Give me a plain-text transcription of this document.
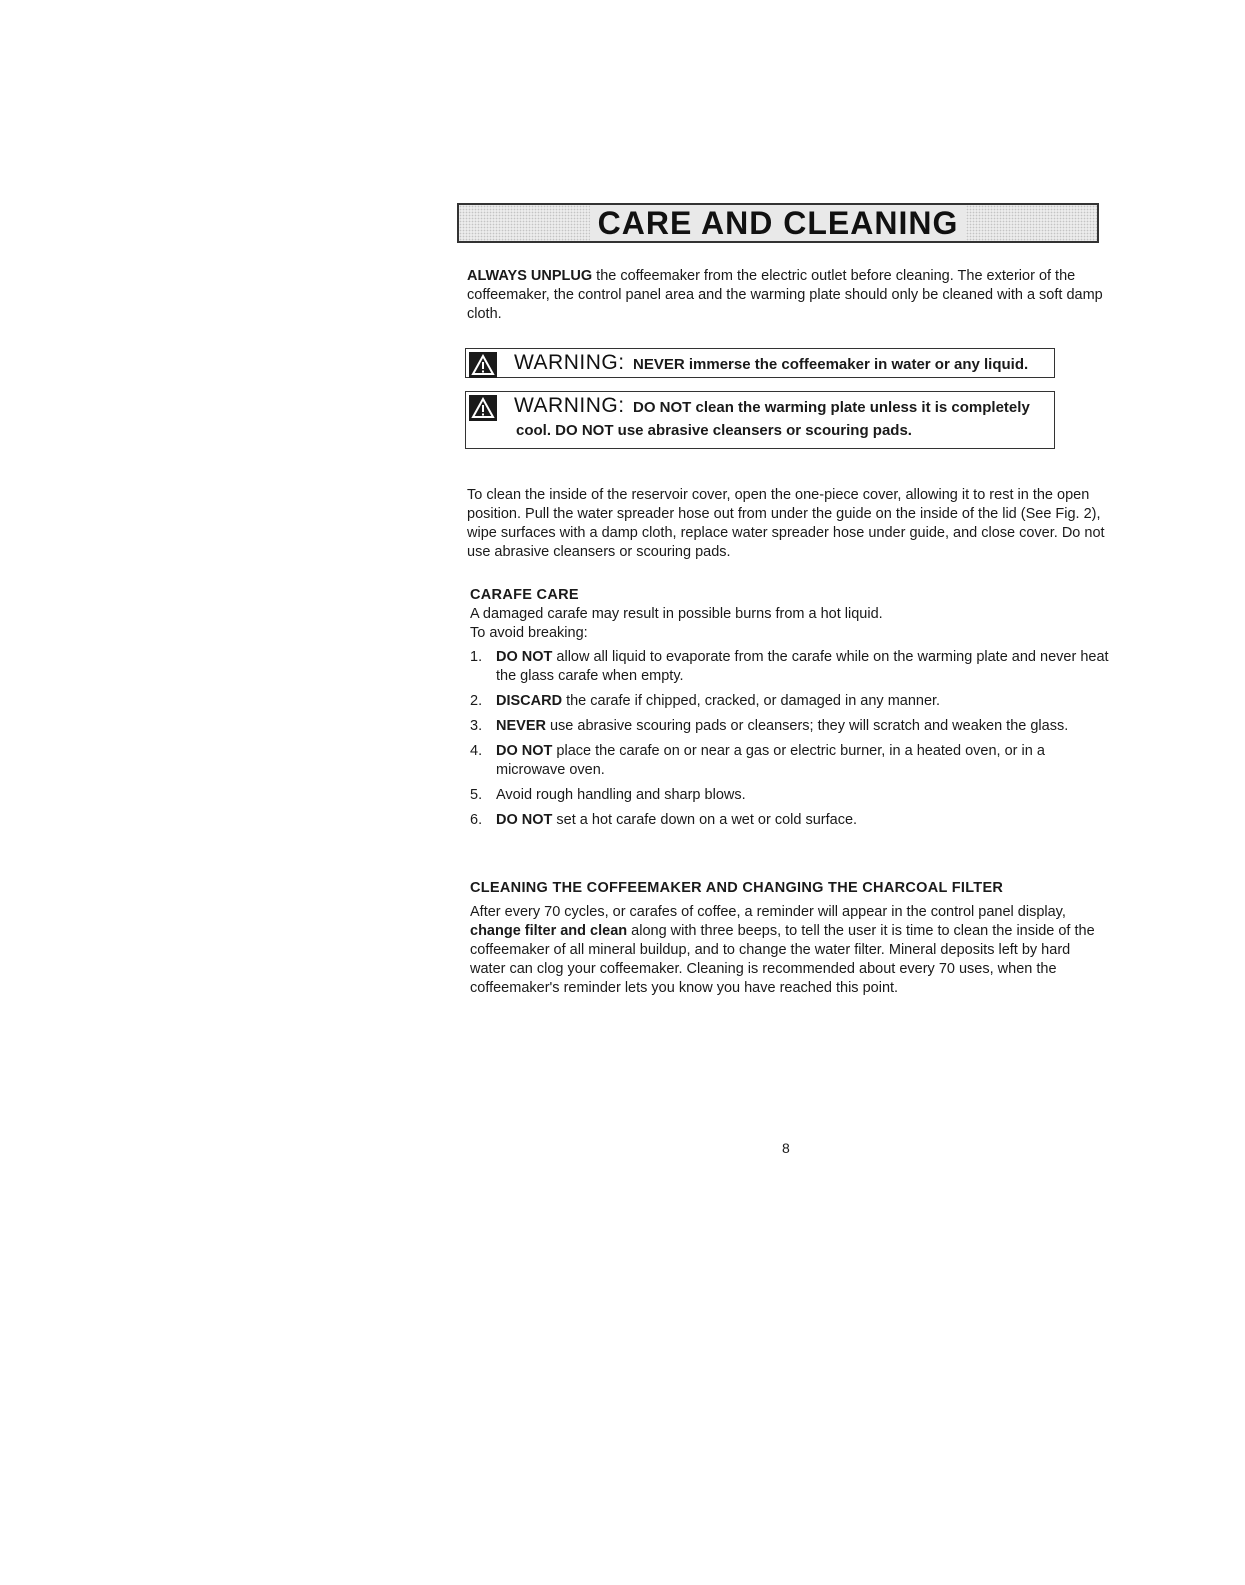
CARE AND CLEANING

ALWAYS UNPLUG the coffeemaker from the electric outlet before cleaning. The exterior of the coffeemaker, the control panel area and the warming plate should only be cleaned with a soft damp cloth.

WARNING: NEVER immerse the coffeemaker in water or any liquid.
WARNING: DO NOT clean the warming plate unless it is completely
cool. DO NOT use abrasive cleansers or scouring pads.

To clean the inside of the reservoir cover, open the one-piece cover, allowing it to rest in the open position. Pull the water spreader hose out from under the guide on the inside of the lid (See Fig. 2), wipe surfaces with a damp cloth, replace water spreader hose under guide, and close cover. Do not use abrasive cleansers or scouring pads.

CARAFE CARE
A damaged carafe may result in possible burns from a hot liquid.
To avoid breaking:
1. DO NOT allow all liquid to evaporate from the carafe while on the warming plate and never heat the glass carafe when empty.
2. DISCARD the carafe if chipped, cracked, or damaged in any manner.
3. NEVER use abrasive scouring pads or cleansers; they will scratch and weaken the glass.
4. DO NOT place the carafe on or near a gas or electric burner, in a heated oven, or in a microwave oven.
5. Avoid rough handling and sharp blows.
6. DO NOT set a hot carafe down on a wet or cold surface.
CLEANING THE COFFEEMAKER AND CHANGING THE CHARCOAL FILTER

After every 70 cycles, or carafes of coffee, a reminder will appear in the control panel display, change filter and clean along with three beeps, to tell the user it is time to clean the inside of the coffeemaker of all mineral buildup, and to change the water filter. Mineral deposits left by hard water can clog your coffeemaker. Cleaning is recommended about every 70 uses, when the coffeemaker's reminder lets you know you have reached this point.

8
